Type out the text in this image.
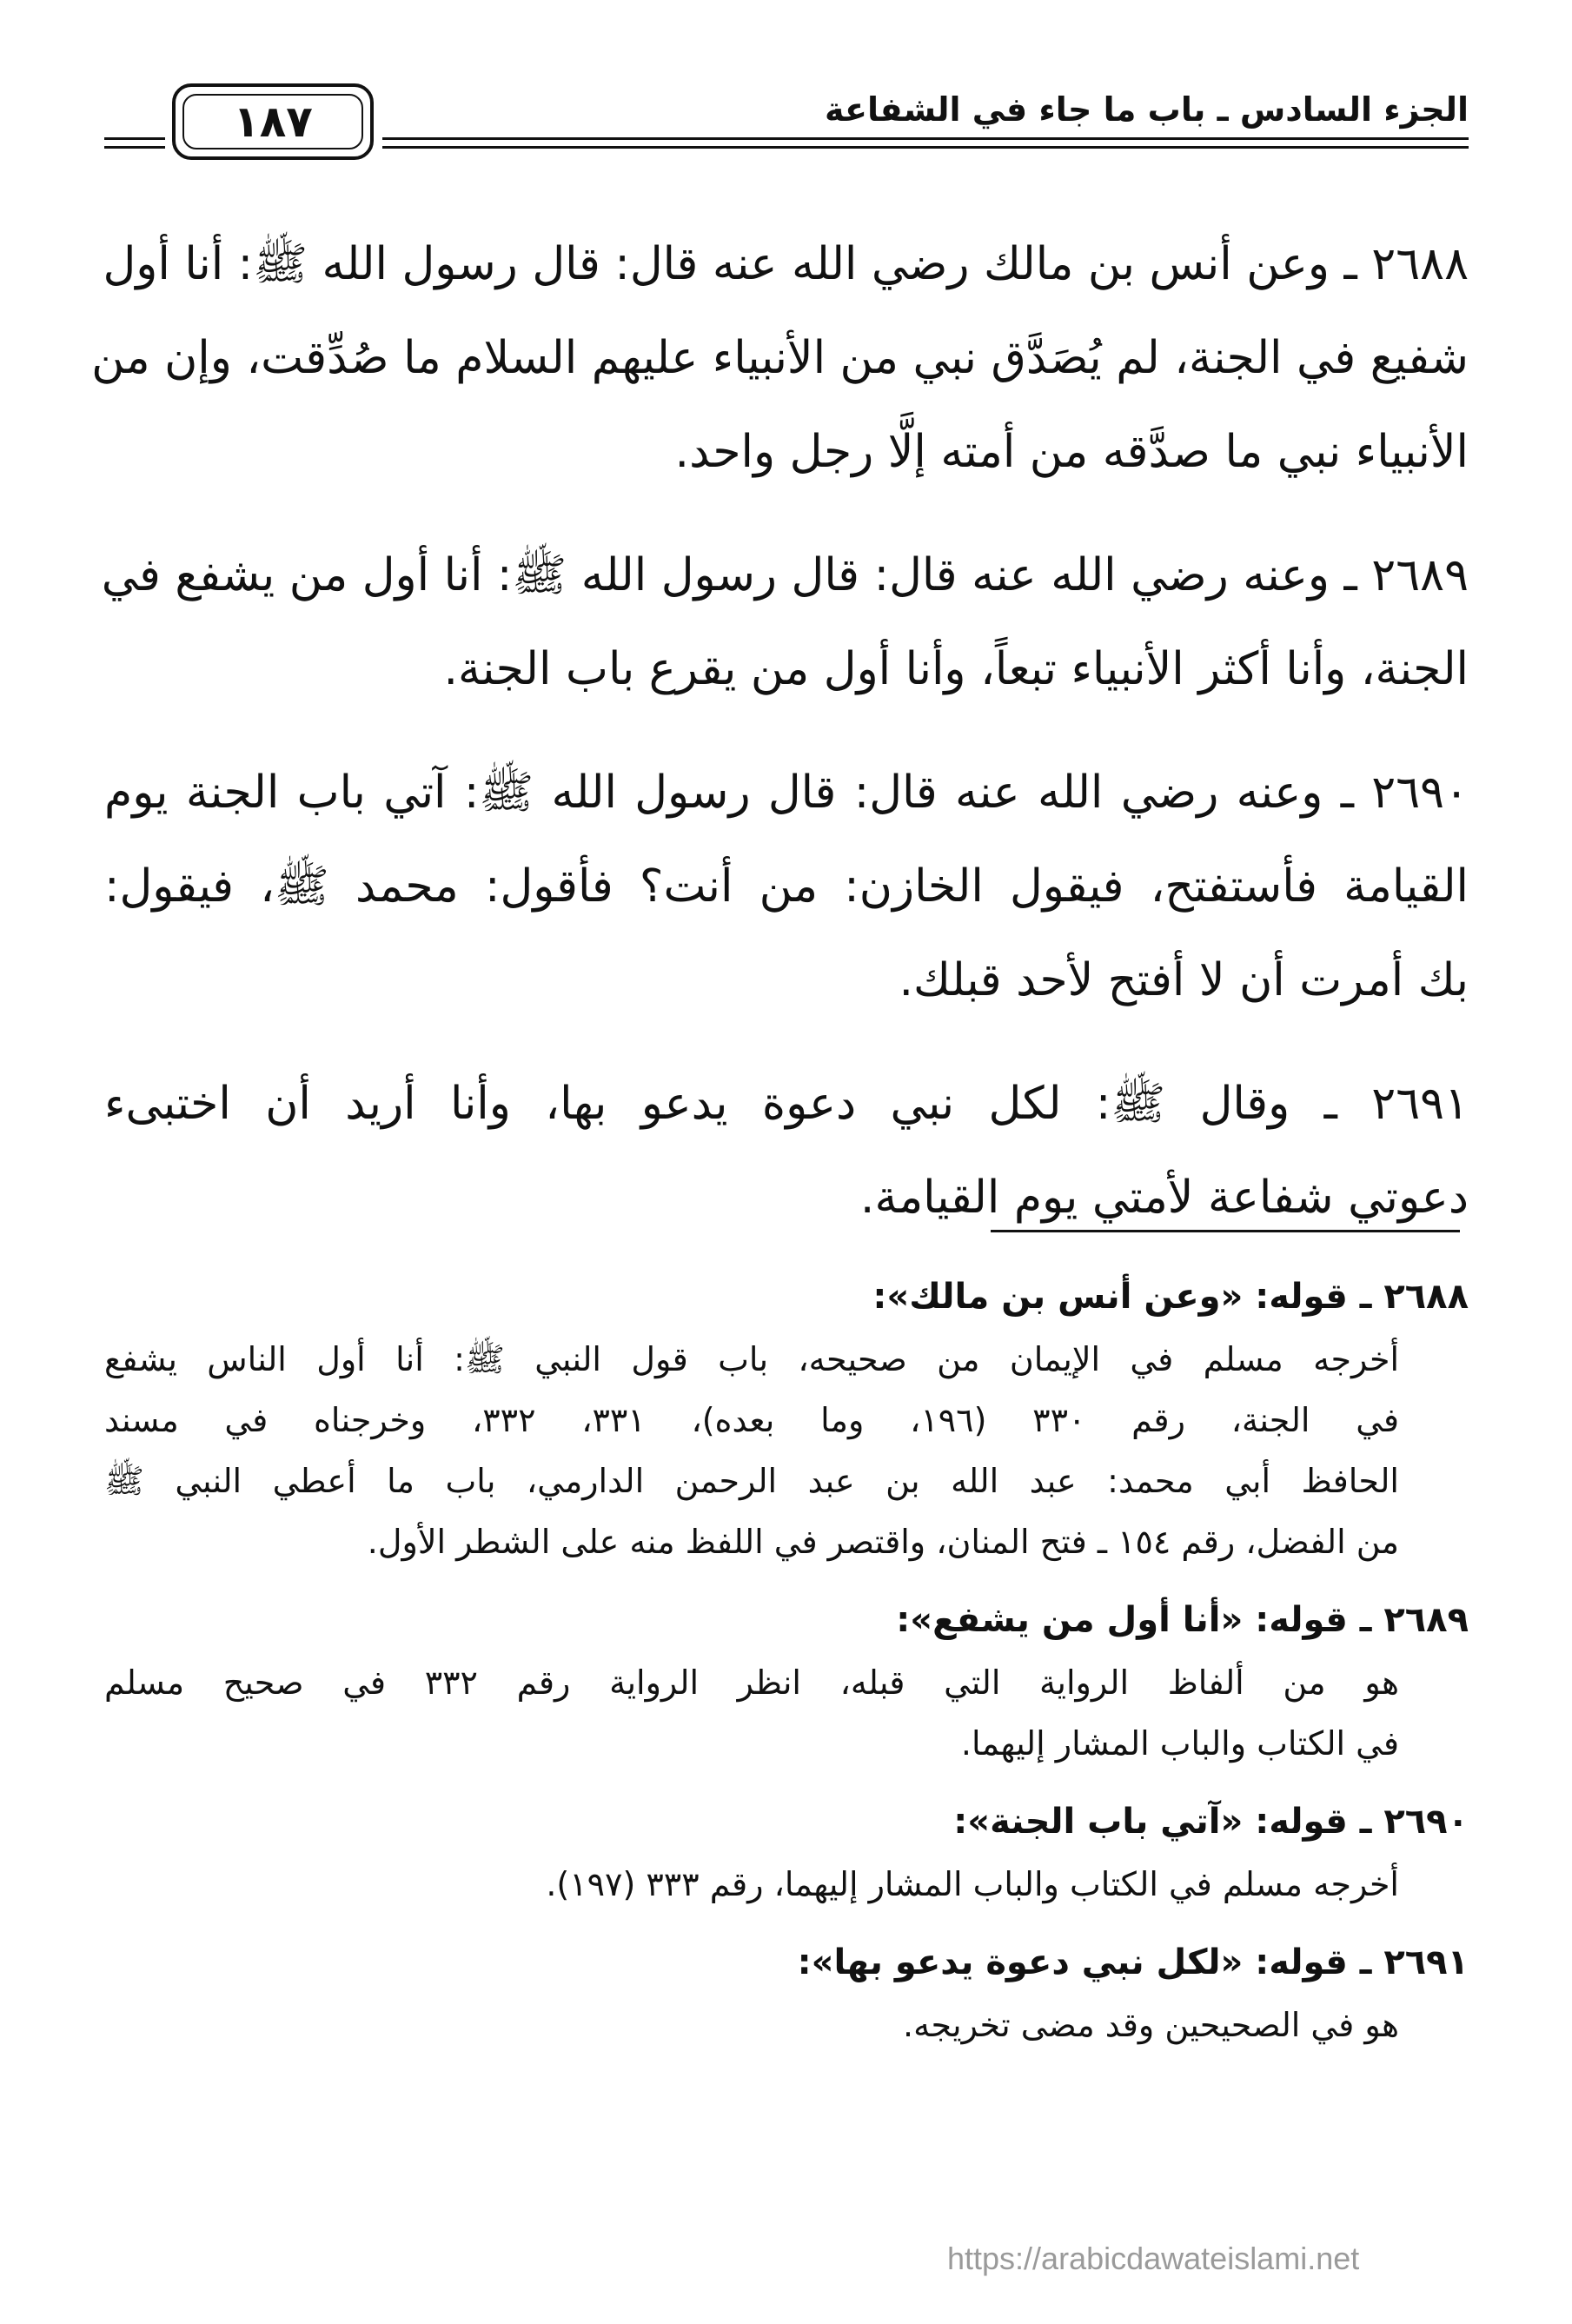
الجزء السادس ـ باب ما جاء في الشفاعة
١٨٧
٢٦٨٨ ـ وعن أنس بن مالك رضي الله عنه قال: قال رسول الله ﷺ: أنا أول
شفيع في الجنة، لم يُصَدَّق نبي من الأنبياء عليهم السلام ما صُدِّقت، وإن من
الأنبياء نبي ما صدَّقه من أمته إلَّا رجل واحد.
٢٦٨٩ ـ وعنه رضي الله عنه قال: قال رسول الله ﷺ: أنا أول من يشفع في
الجنة، وأنا أكثر الأنبياء تبعاً، وأنا أول من يقرع باب الجنة.
٢٦٩٠ ـ وعنه رضي الله عنه قال: قال رسول الله ﷺ: آتي باب الجنة يوم
القيامة فأستفتح، فيقول الخازن: من أنت؟ فأقول: محمد ﷺ، فيقول:
بك أمرت أن لا أفتح لأحد قبلك.
٢٦٩١ ـ وقال ﷺ: لكل نبي دعوة يدعو بها، وأنا أريد أن اختبىء
دعوتي شفاعة لأمتي يوم القيامة.
٢٦٨٨ ـ قوله: «وعن أنس بن مالك»:
أخرجه مسلم في الإيمان من صحيحه، باب قول النبي ﷺ: أنا أول الناس يشفع
في الجنة، رقم ٣٣٠ (١٩٦، وما بعده)، ٣٣١، ٣٣٢، وخرجناه في مسند
الحافظ أبي محمد: عبد الله بن عبد الرحمن الدارمي، باب ما أعطي النبي ﷺ
من الفضل، رقم ١٥٤ ـ فتح المنان، واقتصر في اللفظ منه على الشطر الأول.
٢٦٨٩ ـ قوله: «أنا أول من يشفع»:
هو من ألفاظ الرواية التي قبله، انظر الرواية رقم ٣٣٢ في صحيح مسلم
في الكتاب والباب المشار إليهما.
٢٦٩٠ ـ قوله: «آتي باب الجنة»:
أخرجه مسلم في الكتاب والباب المشار إليهما، رقم ٣٣٣ (١٩٧).
٢٦٩١ ـ قوله: «لكل نبي دعوة يدعو بها»:
هو في الصحيحين وقد مضى تخريجه.
https://arabicdawateislami.net
